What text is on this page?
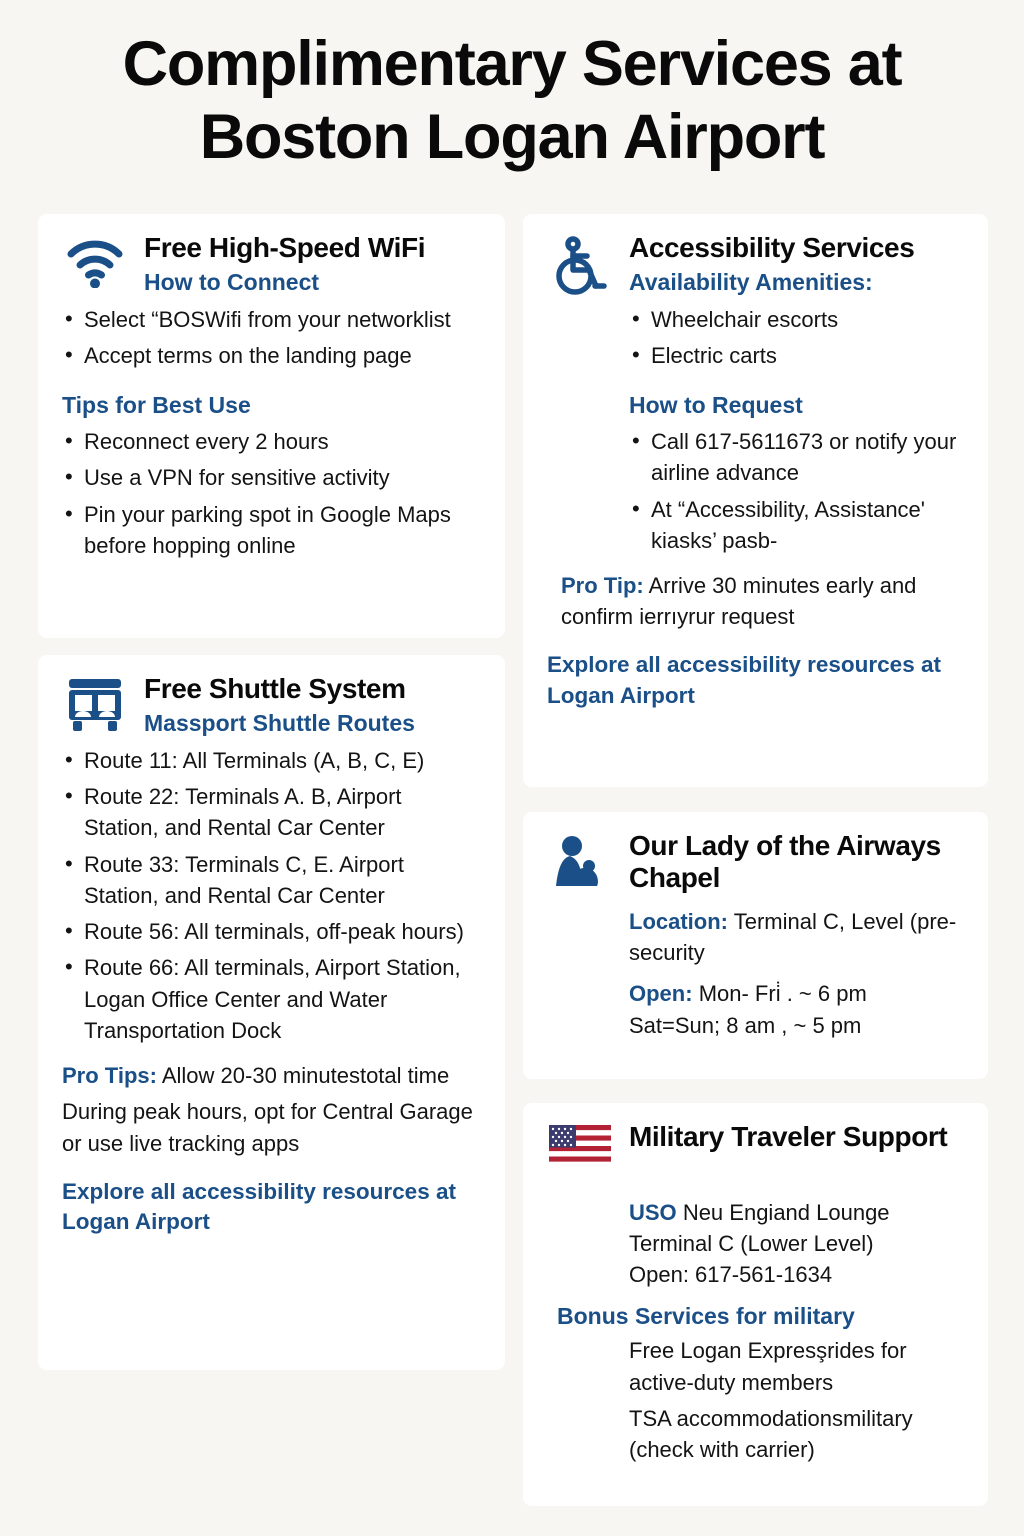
Complimentary Services at Boston Logan Airport
Free High-Speed WiFi
How to Connect
• Select “BOSWifi from your networklist
• Accept terms on the landing page
Tips for Best Use
• Reconnect every 2 hours
• Use a VPN for sensitive activity
• Pin your parking spot in Google Maps before hopping online
Free Shuttle System
Massport Shuttle Routes
• Route 11: All Terminals (A, B, C, E)
• Route 22: Terminals A. B, Airport Station, and Rental Car Center
• Route 33: Terminals C, E. Airport Station, and Rental Car Center
• Route 56: All terminals, off-peak hours)
• Route 66: All terminals, Airport Station, Logan Office Center and Water Transportation Dock
Pro Tips: Allow 20-30 minutestotal time
During peak hours, opt for Central Garage or use live tracking apps
Explore all accessibility resources at Logan Airport
Accessibility Services
Availability Amenities:
• Wheelchair escorts
• Electric carts
How to Request
• Call 617-5611673 or notify your airline advance
• At “Accessibility, Assistance' kiasks’ pasb-
Pro Tip: Arrive 30 minutes early and confirm ierrıyrur request
Explore all accessibility resources at Logan Airport
Our Lady of the Airways Chapel
Location: Terminal C, Level (pre-security
Open: Mon- Fri̇ . ~ 6 pm
Sat=Sun; 8 am , ~ 5 pm
Military Traveler Support
USO Neu Engiand Lounge
Terminal C (Lower Level)
Open: 617-561-1634
Bonus Services for military
Free Logan Expresşrides for active-duty members
TSA accommodationsmilitary (check with carrier)
